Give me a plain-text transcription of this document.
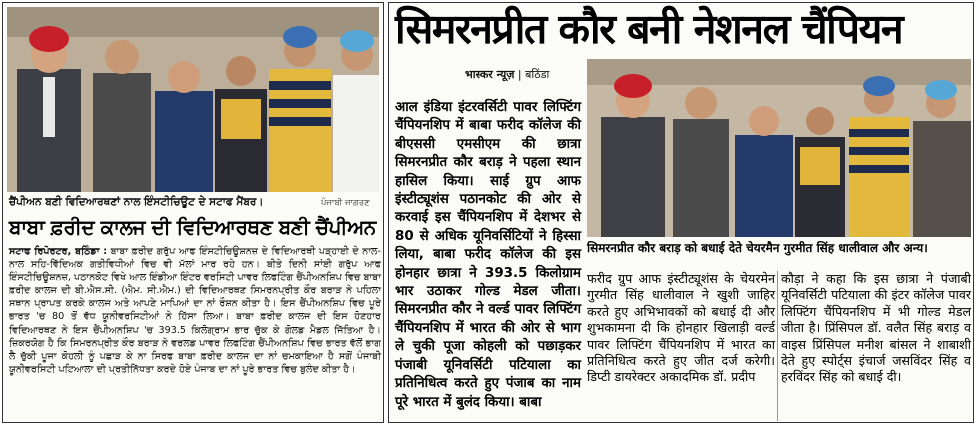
ਚੈਂਪੀਅਨ ਬਣੀ ਵਿਦਿਆਰਥਣਾਂ ਨਾਲ ਇੰਸਟੀਚਿਊਟ ਦੇ ਸਟਾਫ ਮੈਂਬਰ।	ਪੰਜਾਬੀ ਜਾਗਰਣ
ਬਾਬਾ ਫ਼ਰੀਦ ਕਾਲਜ ਦੀ ਵਿਦਿਆਰਥਣ ਬਣੀ ਚੈਂਪੀਅਨ
ਸਟਾਫ ਰਿਪੋਰਟਰ, ਬਠਿੰਡਾ : ਬਾਬਾ ਫ਼ਰੀਦ ਗਰੁੱਪ ਆਫ ਇੰਸਟੀਚਿਊਸ਼ਨਜ਼ ਦੇ ਵਿਦਿਆਰਥੀ ਪੜ੍ਹਾਈ ਦੇ ਨਾਲ-ਨਾਲ ਸਹਿ-ਵਿੱਦਿਅਕ ਗਤੀਵਿਧੀਆਂ ਵਿਚ ਵੀ ਮੱਲਾਂ ਮਾਰ ਰਹੇ ਹਨ। ਬੀਤੇ ਦਿਨੀ ਸਾਂਈ ਗਰੁੱਪ ਆਫ ਇੰਸਟੀਚਿਊਸ਼ਨਜ਼, ਪਠਾਨਕੋਟ ਵਿਖੇ ਆਲ ਇੰਡੀਆ ਇੰਟਰ ਵਰਸਿਟੀ ਪਾਵਰ ਲਿਫਟਿੰਗ ਚੈਂਪੀਅਨਸ਼ਿਪ ਵਿਚ ਬਾਬਾ ਫ਼ਰੀਦ ਕਾਲਜ ਦੀ ਬੀ.ਐਸ.ਸੀ. (ਐਮ. ਸੀ.ਐਮ.) ਦੀ ਵਿਦਿਆਰਥਣ ਸਿਮਰਨਪ੍ਰੀਤ ਕੌਰ ਬਰਾੜ ਨੇ ਪਹਿਲਾ ਸਥਾਨ ਪ੍ਰਾਪਤ ਕਰਕੇ ਕਾਲਜ ਅਤੇ ਆਪਣੇ ਮਾਪਿਆਂ ਦਾ ਨਾਂ ਰੌਸ਼ਨ ਕੀਤਾ ਹੈ। ਇਸ ਚੈਂਪੀਅਨਸ਼ਿਪ ਵਿਚ ਪੂਰੇ ਭਾਰਤ 'ਚ 80 ਤੋਂ ਵੱਧ ਯੂਨੀਵਰਸਿਟੀਆਂ ਨੇ ਹਿੱਸਾ ਲਿਆ। ਬਾਬਾ ਫ਼ਰੀਦ ਕਾਲਜ ਦੀ ਇਸ ਹੋਣਹਾਰ ਵਿਦਿਆਰਥਣ ਨੇ ਇਸ ਚੈਂਪੀਅਨਸ਼ਿਪ 'ਚ 393.5 ਕਿਲੋਗ੍ਰਾਮ ਭਾਰ ਚੁੱਕ ਕੇ ਗੋਲਡ ਮੈਡਲ ਜਿੱਤਿਆ ਹੈ। ਜ਼ਿਕਰਯੋਗ ਹੈ ਕਿ ਸਿਮਰਨਪ੍ਰੀਤ ਕੌਰ ਬਰਾੜ ਨੇ ਵਰਲਡ ਪਾਵਰ ਲਿਫਟਿੰਗ ਚੈਂਪੀਅਨਸ਼ਿਪ ਵਿਚ ਭਾਰਤ ਵੱਲੋਂ ਭਾਗ ਲੈ ਚੁੱਕੀ ਪੂਜਾ ਕੋਹਲੀ ਨੂੰ ਪਛਾੜ ਕੇ ਨਾ ਸਿਰਫ ਬਾਬਾ ਫ਼ਰੀਦ ਕਾਲਜ ਦਾ ਨਾਂ ਚਮਕਾਇਆ ਹੈ ਸਗੋਂ ਪੰਜਾਬੀ ਯੂਨੀਵਰਸਿਟੀ ਪਟਿਆਲਾ ਦੀ ਪ੍ਰਤੀਨਿੱਧਤਾ ਕਰਦੇ ਹੋਏ ਪੰਜਾਬ ਦਾ ਨਾਂ ਪੂਰੇ ਭਾਰਤ ਵਿਚ ਬੁਲੰਦ ਕੀਤਾ ਹੈ।
सिमरनप्रीत कौर बनी नेशनल चैंपियन
भास्कर न्यूज़ | बठिंडा
आल इंडिया इंटरवर्सिटी पावर लिफ्टिंग चैंपियनशिप में बाबा फरीद कॉलेज की बीएससी एमसीएम की छात्रा सिमरनप्रीत कौर बराड़ ने पहला स्थान हासिल किया। साई ग्रुप आफ इंस्टीट्यूशंस पठानकोट की ओर से करवाई इस चैंपियनशिप में देशभर से 80 से अधिक यूनिवर्सिटियों ने हिस्सा लिया, बाबा फरीद कॉलेज की इस होनहार छात्रा ने 393.5 किलोग्राम भार उठाकर गोल्ड मेडल जीता। सिमरनप्रीत कौर ने वर्ल्ड पावर लिफ्टिंग चैंपियनशिप में भारत की ओर से भाग ले चुकी पूजा कोहली को पछाड़कर पंजाबी यूनिवर्सिटी पटियाला का प्रतिनिधित्व करते हुए पंजाब का नाम पूरे भारत में बुलंद किया। बाबा
सिमरनप्रीत कौर बराड़ को बधाई देते चेयरमैन गुरमीत सिंह धालीवाल और अन्य।
फरीद ग्रुप आफ इंस्टीट्यूशंस के चेयरमेन गुरमीत सिंह धालीवाल ने खुशी जाहिर करते हुए अभिभावकों को बधाई दी और शुभकामना दी कि होनहार खिलाड़ी वर्ल्ड पावर लिफ्टिंग चैंपियनशिप में भारत का प्रतिनिधित्व करते हुए जीत दर्ज करेगी। डिप्टी डायरेक्टर अकादमिक डॉ. प्रदीप
कौड़ा ने कहा कि इस छात्रा ने पंजाबी यूनिवर्सिटी पटियाला की इंटर कॉलेज पावर लिफ्टिंग चैंपियनशिप में भी गोल्ड मेडल जीता है। प्रिंसिपल डॉ. वलैत सिंह बराड़ व वाइस प्रिंसिपल मनीश बांसल ने शाबाशी देते हुए स्पोर्ट्स इंचार्ज जसविंदर सिंह व हरविंदर सिंह को बधाई दी।
